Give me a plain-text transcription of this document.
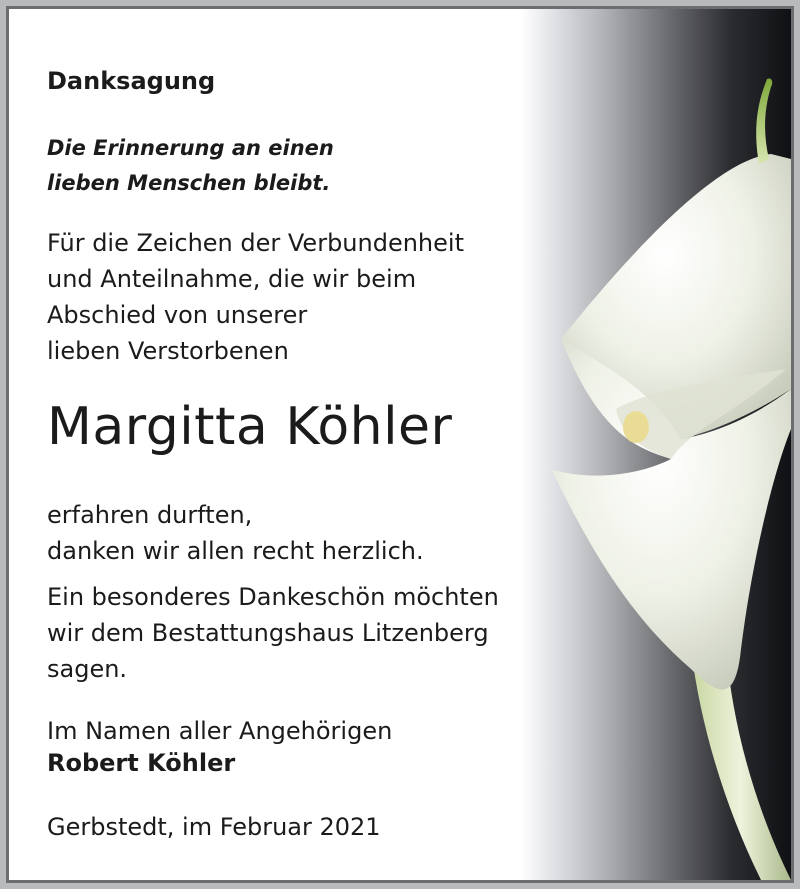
Danksagung
Die Erinnerung an einen
lieben Menschen bleibt.
Für die Zeichen der Verbundenheit
und Anteilnahme, die wir beim
Abschied von unserer
lieben Verstorbenen
Margitta Köhler
erfahren durften,
danken wir allen recht herzlich.
Ein besonderes Dankeschön möchten
wir dem Bestattungshaus Litzenberg
sagen.
Im Namen aller Angehörigen
Robert Köhler
Gerbstedt, im Februar 2021
